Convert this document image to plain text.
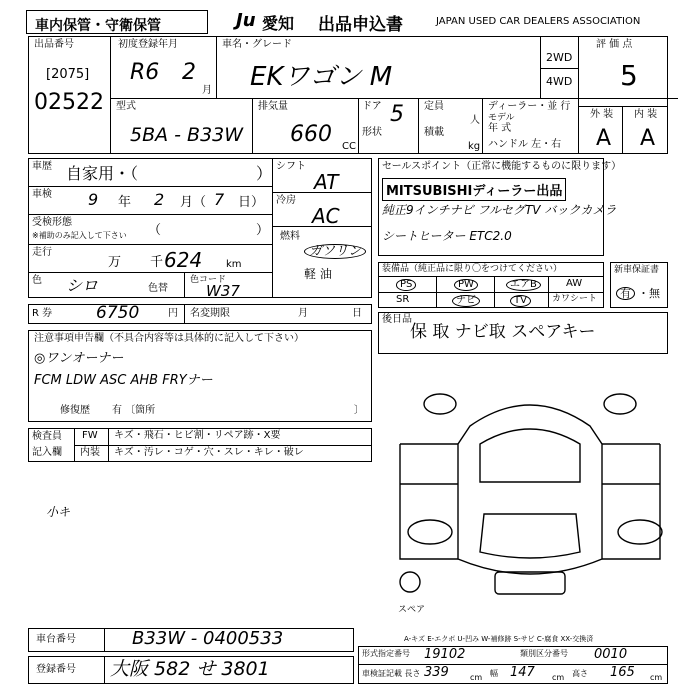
車内保管・守衛保管	Ju 愛知 出品申込書	JAPAN USED CAR DEALERS ASSOCIATION
出品番号
[2075]
02522
初度登録年月
R6 2
月
車名・グレード
EKワゴン M
2WD
4WD
評 価 点
5
外 装 内 装
A A
型式
5BA - B33W
排気量
660 CC
ドア 5
形状
定員
人
積載
kg
ディーラー・並 行
モデル
年 式
ハンドル 左・右
車歴 自家用・（	）
車検 9 年 2 月（ 7 日）
受検形態
※補助のみ記入して下さい （	）
走行
万 千 624 km
色 シロ	色替
色コード
W37
シフト
AT
冷房
AC
燃料
ガソリン
軽 油
R 券	6750	円 名変期限	月	日
注意事項申告欄（不具合内容等は具体的に記入して下さい）
◎ワンオーナー
FCM LDW ASC AHB FRYナー
修復歴 有 〔箇所	〕
検査員
記入欄
FW キズ・飛石・ヒビ割・リペア跡・X要
内装 キズ・汚レ・コゲ・穴・スレ・キレ・破レ
小キ
セールスポイント（正常に機能するものに限ります）
MITSUBISHIディーラー出品
純正9インチナビ フルセグTV バックカメラ
シートヒーター ETC2.0
装備品（純正品に限り〇をつけてください）
PS	PW	エアB	AW
SR	ナビ	TV	カワシート
新車保証書
有 ・無
後日品
保 取 ナビ取 スペアキー
スペア
A-キズ E-エクボ U-凹み W-補修跡 S-サビ C-腐食 XX-交換済
車台番号	B33W - 0400533
登録番号 大阪 582 せ 3801
形式指定番号 19102	類別区分番号 0010
車検証記載 長さ 339	cm 幅 147 cm 高さ 165 cm
